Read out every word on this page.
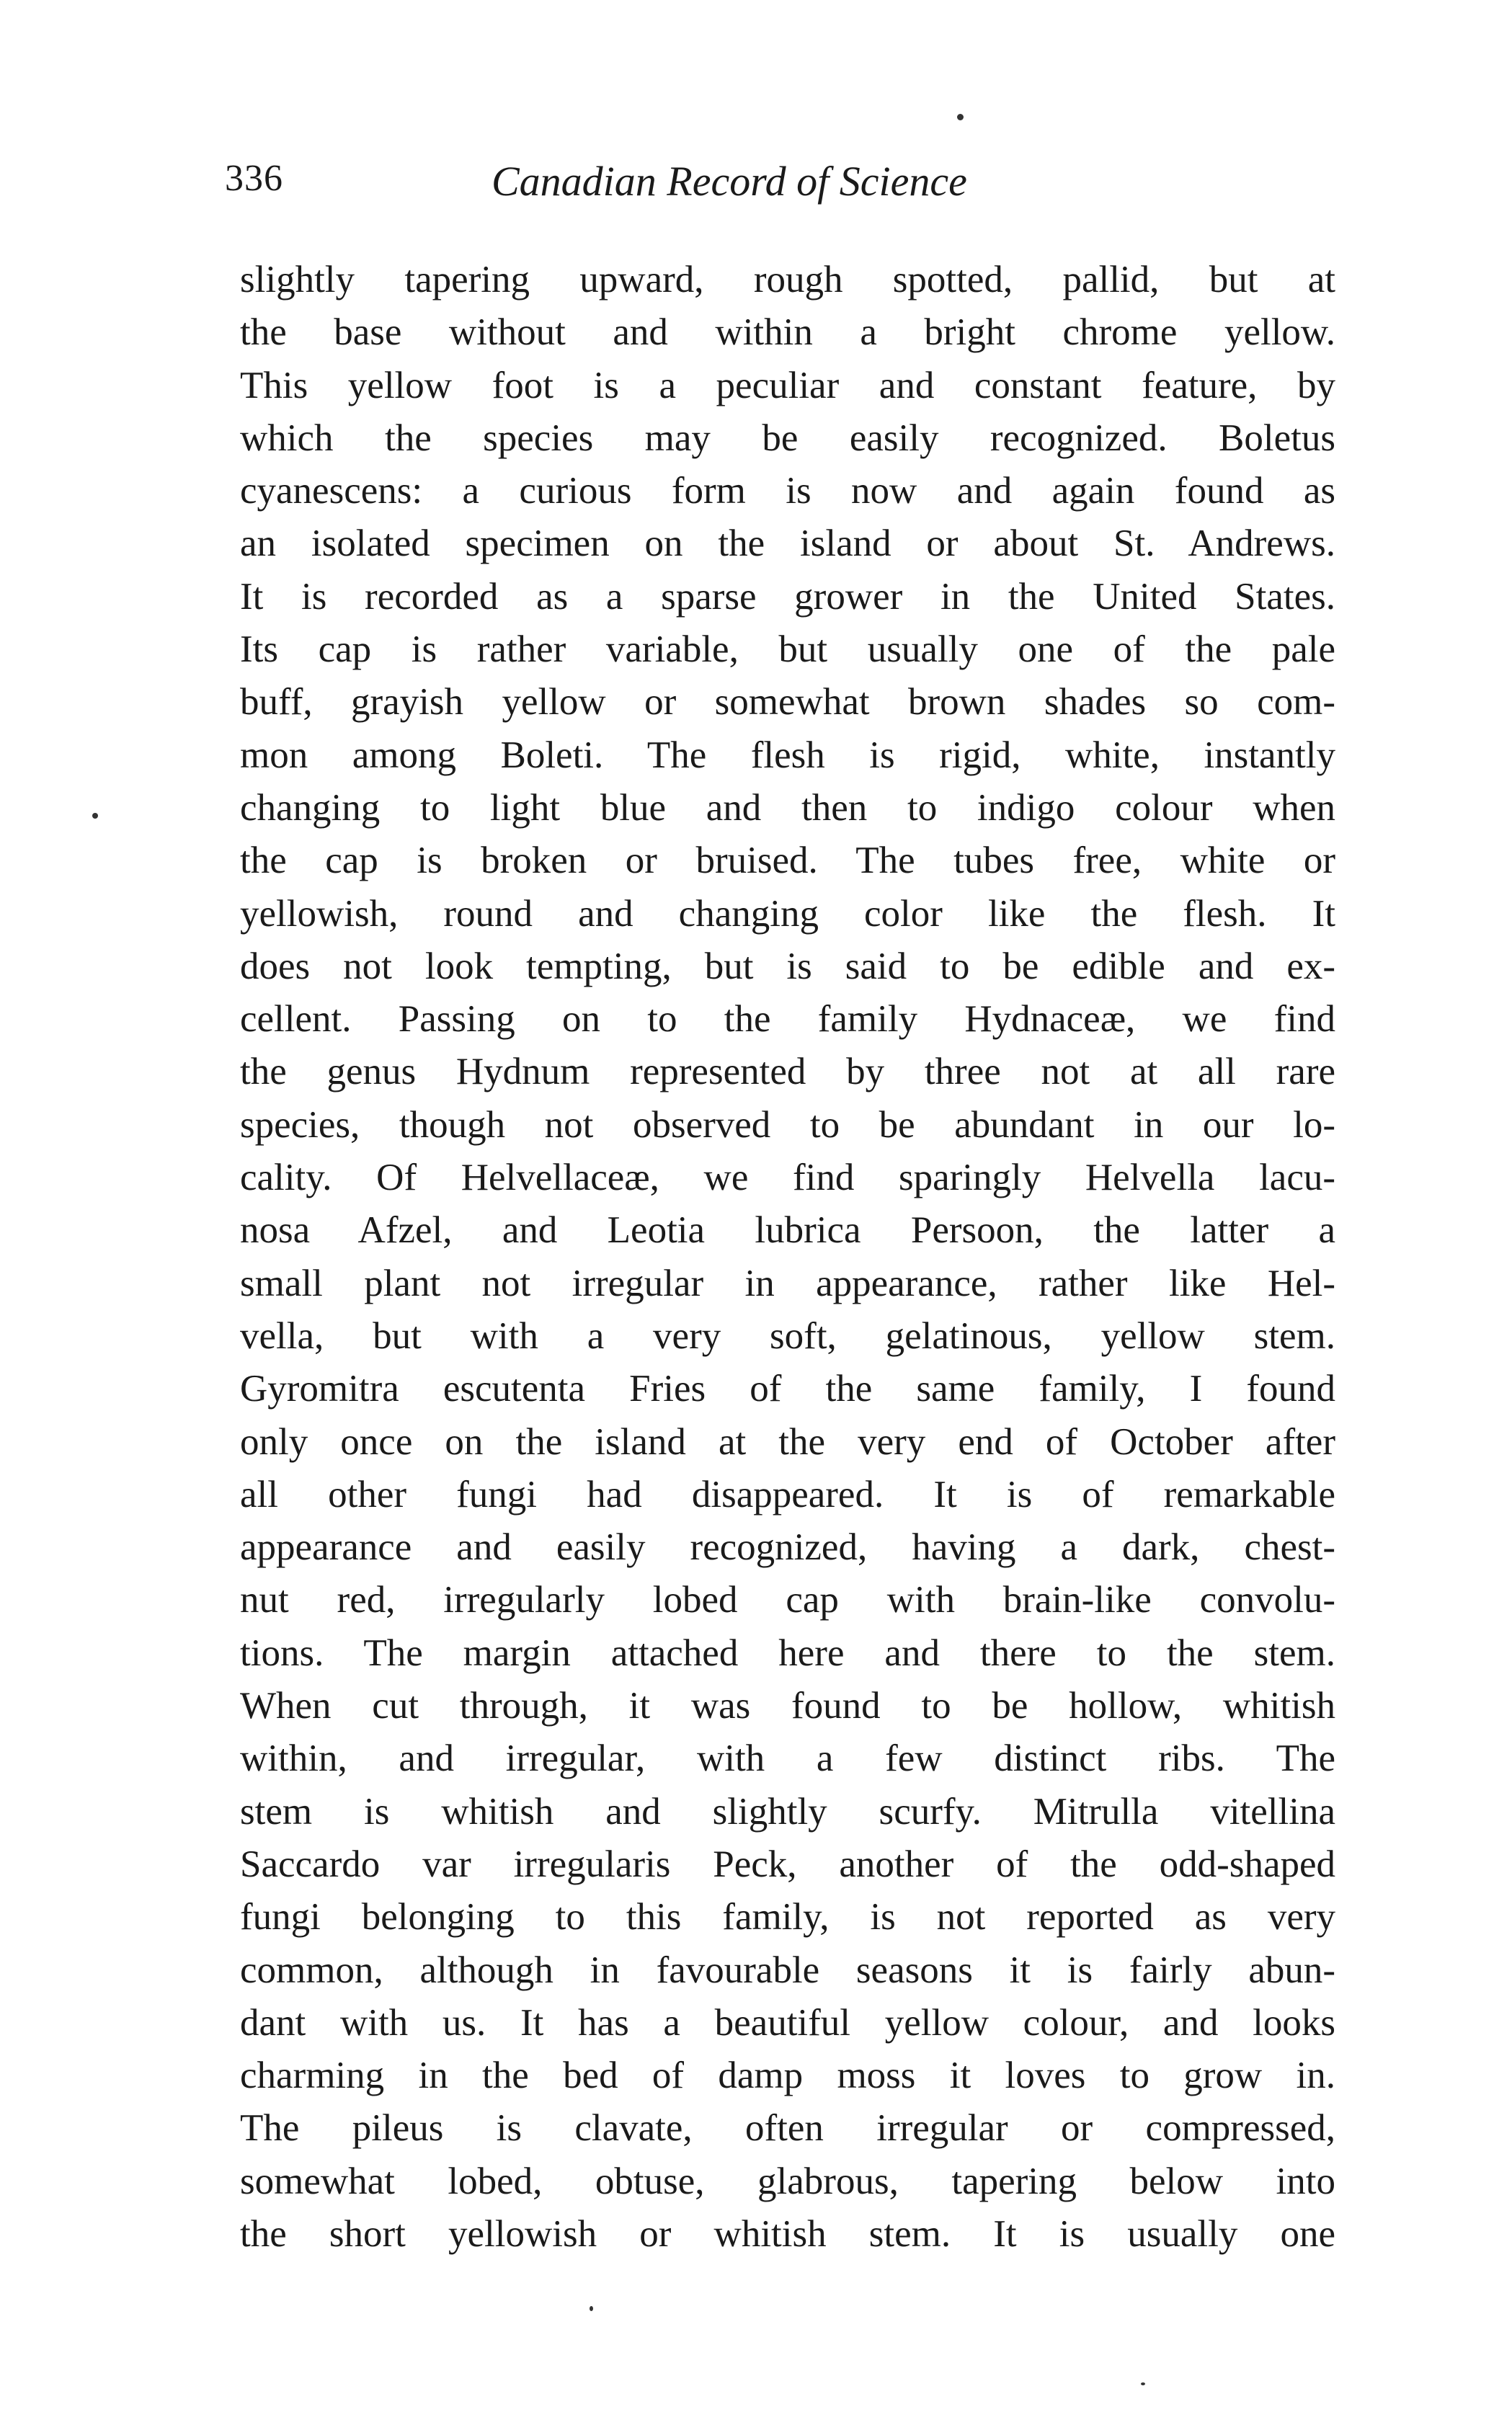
336	Canadian Record of Science
slightly tapering upward, rough spotted, pallid, but at
the base without and within a bright chrome yellow.
This yellow foot is a peculiar and constant feature, by
which the species may be easily recognized. Boletus
cyanescens: a curious form is now and again found as
an isolated specimen on the island or about St. Andrews.
It is recorded as a sparse grower in the United States.
Its cap is rather variable, but usually one of the pale
buff, grayish yellow or somewhat brown shades so com-
mon among Boleti. The flesh is rigid, white, instantly
changing to light blue and then to indigo colour when
the cap is broken or bruised. The tubes free, white or
yellowish, round and changing color like the flesh. It
does not look tempting, but is said to be edible and ex-
cellent. Passing on to the family Hydnaceæ, we find
the genus Hydnum represented by three not at all rare
species, though not observed to be abundant in our lo-
cality. Of Helvellaceæ, we find sparingly Helvella lacu-
nosa Afzel, and Leotia lubrica Persoon, the latter a
small plant not irregular in appearance, rather like Hel-
vella, but with a very soft, gelatinous, yellow stem.
Gyromitra escutenta Fries of the same family, I found
only once on the island at the very end of October after
all other fungi had disappeared. It is of remarkable
appearance and easily recognized, having a dark, chest-
nut red, irregularly lobed cap with brain-like convolu-
tions. The margin attached here and there to the stem.
When cut through, it was found to be hollow, whitish
within, and irregular, with a few distinct ribs. The
stem is whitish and slightly scurfy. Mitrulla vitellina
Saccardo var irregularis Peck, another of the odd-shaped
fungi belonging to this family, is not reported as very
common, although in favourable seasons it is fairly abun-
dant with us. It has a beautiful yellow colour, and looks
charming in the bed of damp moss it loves to grow in.
The pileus is clavate, often irregular or compressed,
somewhat lobed, obtuse, glabrous, tapering below into
the short yellowish or whitish stem. It is usually one
